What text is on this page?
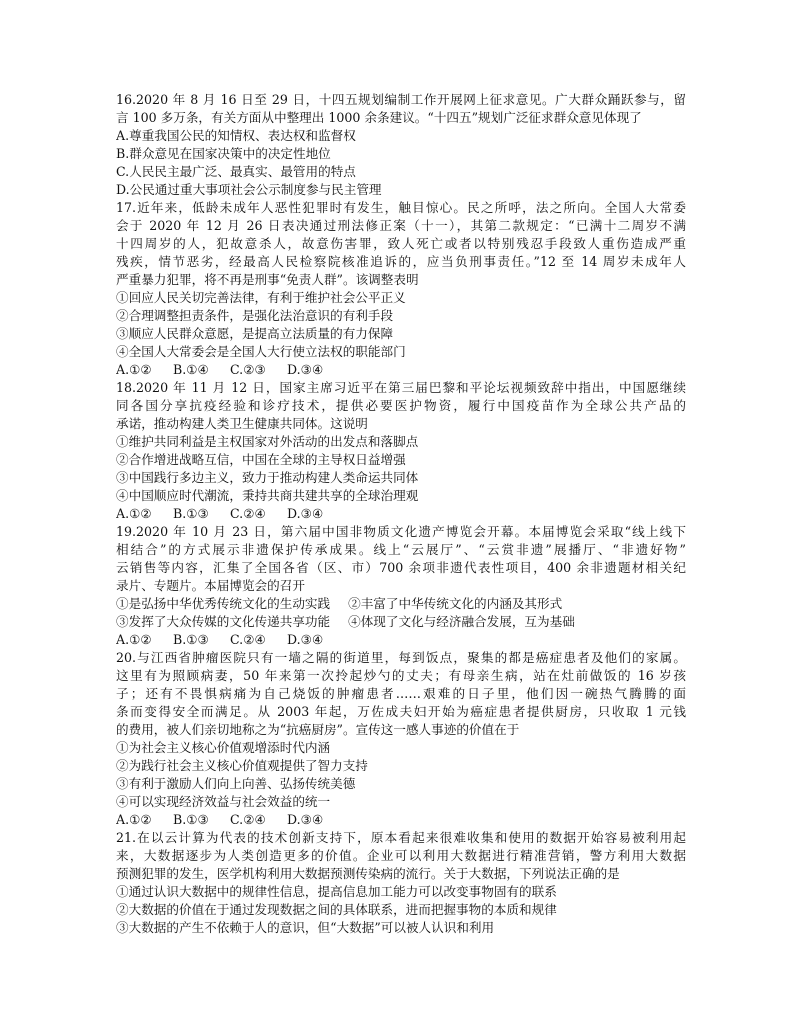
16.2020 年 8 月 16 日至 29 日，十四五规划编制工作开展网上征求意见。广大群众踊跃参与，留
言 100 多万条，有关方面从中整理出 1000 余条建议。“十四五”规划广泛征求群众意见体现了
A.尊重我国公民的知情权、表达权和监督权
B.群众意见在国家决策中的决定性地位
C.人民民主最广泛、最真实、最管用的特点
D.公民通过重大事项社会公示制度参与民主管理
17.近年来，低龄未成年人恶性犯罪时有发生，触目惊心。民之所呼，法之所向。全国人大常委
会于 2020 年 12 月 26 日表决通过刑法修正案（十一），其第二款规定：“已满十二周岁不满
十四周岁的人，犯故意杀人，故意伤害罪，致人死亡或者以特别残忍手段致人重伤造成严重
残疾，情节恶劣，经最高人民检察院核准追诉的，应当负刑事责任。”12 至 14 周岁未成年人
严重暴力犯罪，将不再是刑事“免责人群”。该调整表明
①回应人民关切完善法律，有利于维护社会公平正义
②合理调整担责条件，是强化法治意识的有利手段
③顺应人民群众意愿，是提高立法质量的有力保障
④全国人大常委会是全国人大行使立法权的职能部门
A.①② B.①④ C.②③ D.③④
18.2020 年 11 月 12 日，国家主席习近平在第三届巴黎和平论坛视频致辞中指出，中国愿继续
同各国分享抗疫经验和诊疗技术，提供必要医护物资，履行中国疫苗作为全球公共产品的
承诺，推动构建人类卫生健康共同体。这说明
①维护共同利益是主权国家对外活动的出发点和落脚点
②合作增进战略互信，中国在全球的主导权日益增强
③中国践行多边主义，致力于推动构建人类命运共同体
④中国顺应时代潮流，秉持共商共建共享的全球治理观
A.①② B.①③ C.②④ D.③④
19.2020 年 10 月 23 日，第六届中国非物质文化遗产博览会开幕。本届博览会采取“线上线下
相结合”的方式展示非遗保护传承成果。线上“云展厅”、“云赏非遗”展播厅、“非遗好物”
云销售等内容，汇集了全国各省（区、市）700 余项非遗代表性项目，400 余非遗题材相关纪
录片、专题片。本届博览会的召开
①是弘扬中华优秀传统文化的生动实践 ②丰富了中华传统文化的内涵及其形式
③发挥了大众传媒的文化传递共享功能 ④体现了文化与经济融合发展，互为基础
A.①② B.①③ C.②④ D.③④
20.与江西省肿瘤医院只有一墙之隔的街道里，每到饭点，聚集的都是癌症患者及他们的家属。
这里有为照顾病妻，50 年来第一次拎起炒勺的丈夫；有母亲生病，站在灶前做饭的 16 岁孩
子；还有不畏惧病痛为自己烧饭的肿瘤患者……艰难的日子里，他们因一碗热气腾腾的面
条而变得安全而满足。从 2003 年起，万佐成夫妇开始为癌症患者提供厨房，只收取 1 元钱
的费用，被人们亲切地称之为“抗癌厨房”。宣传这一感人事迹的价值在于
①为社会主义核心价值观增添时代内涵
②为践行社会主义核心价值观提供了智力支持
③有利于激励人们向上向善、弘扬传统美德
④可以实现经济效益与社会效益的统一
A.①② B.①③ C.②④ D.③④
21.在以云计算为代表的技术创新支持下，原本看起来很难收集和使用的数据开始容易被利用起
来，大数据逐步为人类创造更多的价值。企业可以利用大数据进行精准营销，警方利用大数据
预测犯罪的发生，医学机构利用大数据预测传染病的流行。关于大数据，下列说法正确的是
①通过认识大数据中的规律性信息，提高信息加工能力可以改变事物固有的联系
②大数据的价值在于通过发现数据之间的具体联系，进而把握事物的本质和规律
③大数据的产生不依赖于人的意识，但“大数据”可以被人认识和利用
